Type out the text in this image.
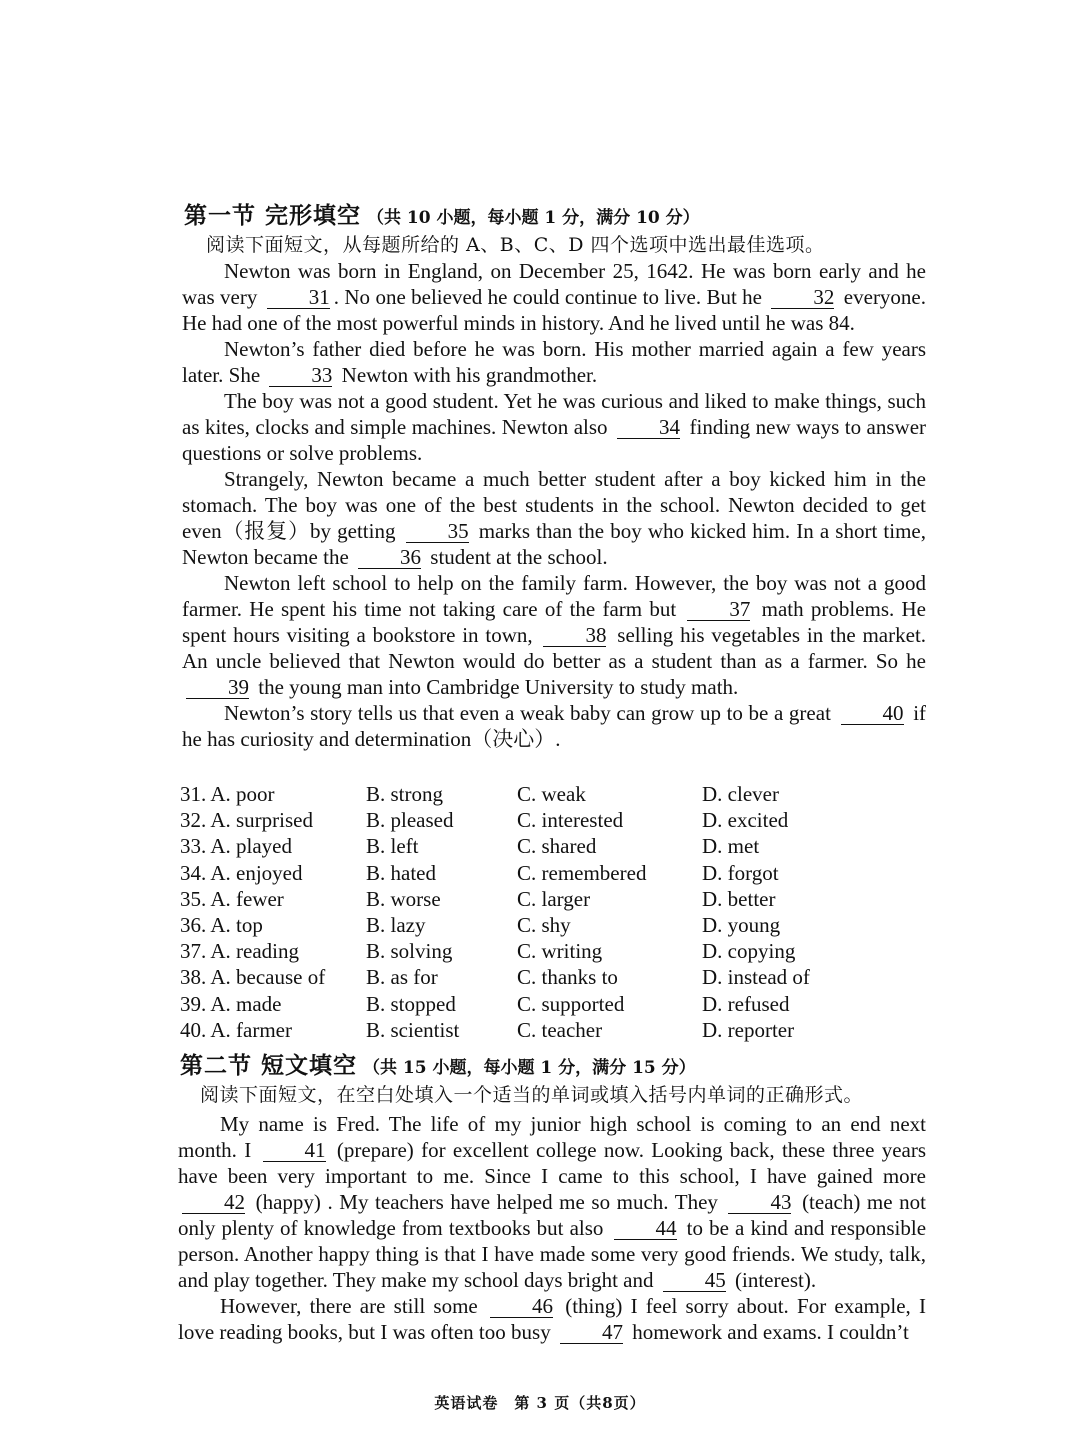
第一节 完形填空 （共 10 小题，每小题 1 分，满分 10 分）
阅读下面短文，从每题所给的 A、B、C、D 四个选项中选出最佳选项。

Newton was born in England, on December 25, 1642. He was born early and he was very 31 . No one believed he could continue to live. But he 32 everyone. He had one of the most powerful minds in history. And he lived until he was 84.

Newton’s father died before he was born. His mother married again a few years later. She 33 Newton with his grandmother.

The boy was not a good student. Yet he was curious and liked to make things, such as kites, clocks and simple machines. Newton also 34 finding new ways to answer questions or solve problems.

Strangely, Newton became a much better student after a boy kicked him in the stomach. The boy was one of the best students in the school. Newton decided to get even（报复）by getting 35 marks than the boy who kicked him. In a short time, Newton became the 36 student at the school.

Newton left school to help on the family farm. However, the boy was not a good farmer. He spent his time not taking care of the farm but	37 math problems. He spent hours visiting a bookstore in town,	38 selling his vegetables in the market. An uncle believed that Newton would do better as a student than as a farmer. So he 39 the young man into Cambridge University to study math.

Newton’s story tells us that even a weak baby can grow up to be a great 40 if he has curiosity and determination（决心）.

31. A. poor	B. strong	C. weak	D. clever
32. A. surprised	B. pleased	C. interested	D. excited
33. A. played	B. left	C. shared	D. met
34. A. enjoyed	B. hated	C. remembered	D. forgot
35. A. fewer	B. worse	C. larger	D. better
36. A. top	B. lazy	C. shy	D. young
37. A. reading	B. solving	C. writing	D. copying
38. A. because of B. as for	C. thanks to	D. instead of
39. A. made	B. stopped	C. supported	D. refused
40. A. farmer	B. scientist	C. teacher	D. reporter
第二节 短文填空 （共 15 小题，每小题 1 分，满分 15 分）
阅读下面短文，在空白处填入一个适当的单词或填入括号内单词的正确形式。

My name is Fred. The life of my junior high school is coming to an end next month. I	41 (prepare) for excellent college now. Looking back, these three years have been very important to me. Since I came to this school, I have gained more 42 (happy) . My teachers have helped me so much. They	43 (teach) me not only plenty of knowledge from textbooks but also 44 to be a kind and responsible person. Another happy thing is that I have made some very good friends. We study, talk, and play together. They make my school days bright and 45 (interest).

However, there are still some	46 (thing) I feel sorry about. For example, I love reading books, but I was often too busy 47 homework and exams. I couldn’t

英语试卷　第 3 页（共8页）
